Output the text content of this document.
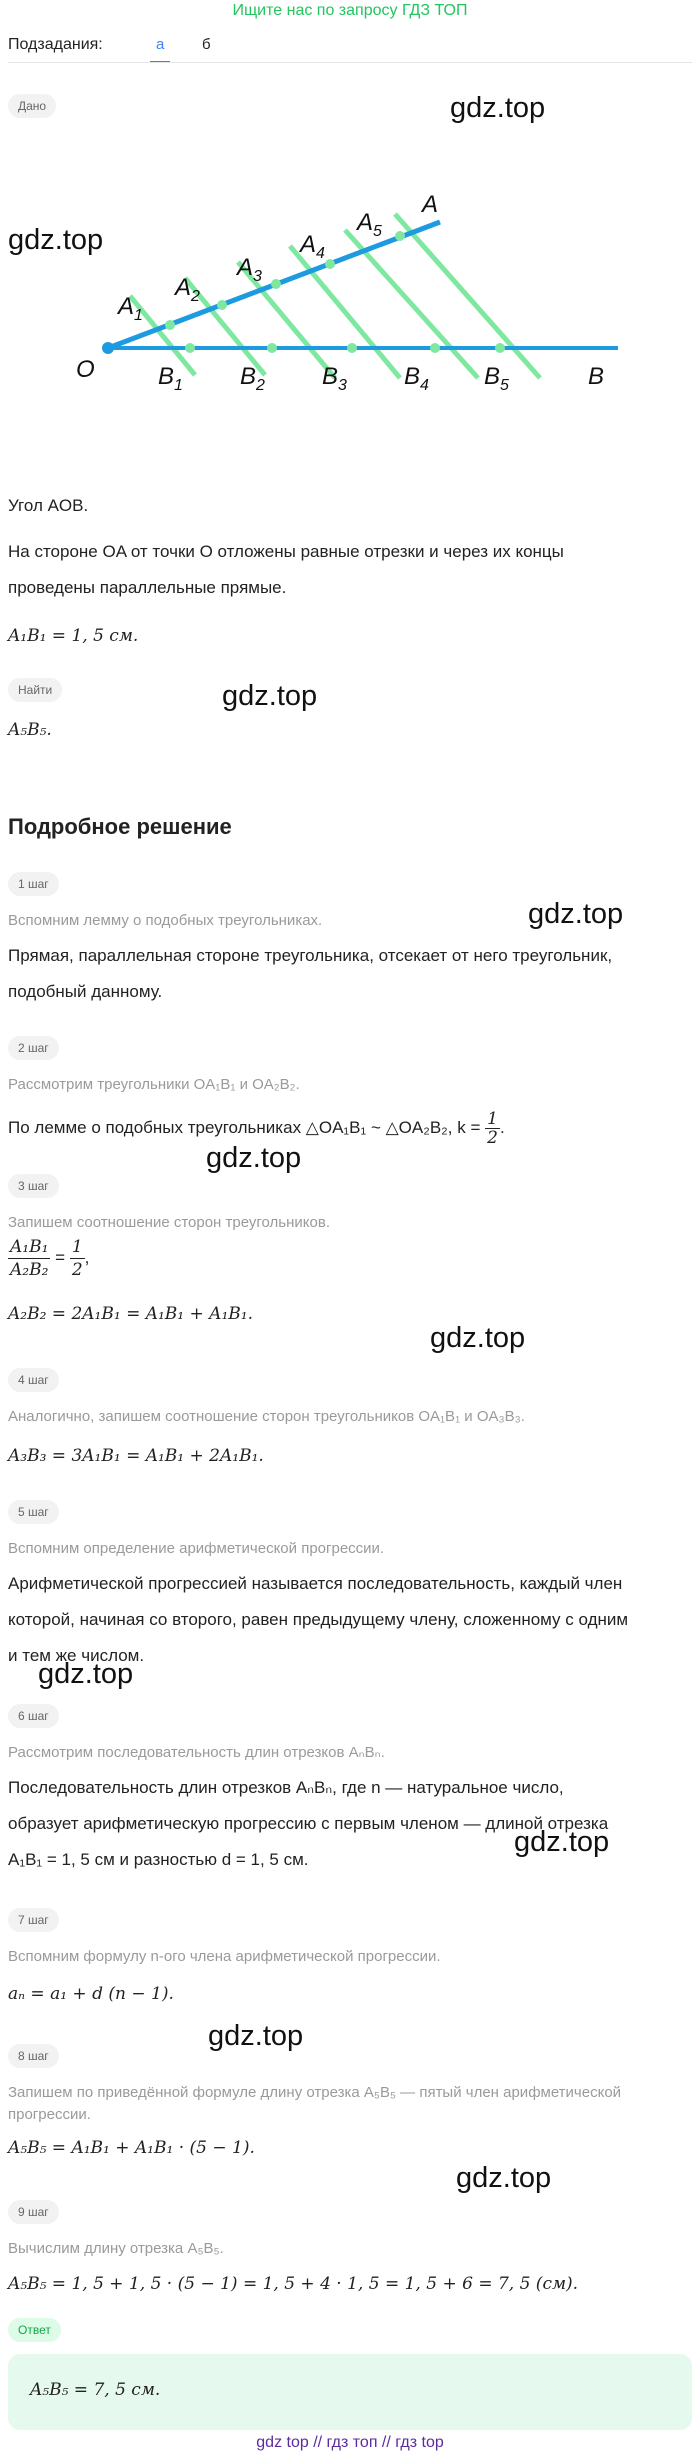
Ищите нас по запросу ГДЗ ТОП
Подзадания:	а	б
Дано
O	$B_1$ $B_2$ $B_3$ $B_4$ $B_5$	B
$A_1$
$A_2$
$A_3$
$A_4$
$A_5$
A
gdz.top
gdz.top
gdz.top
gdz.top
gdz.top
gdz.top
gdz.top
gdz.top
gdz.top
gdz.top
Угол AOB.
На стороне OA от точки O отложены равные отрезки и через их концы
проведены параллельные прямые.
A₁B₁ = 1, 5 см.
Найти
A₅B₅.
Подробное решение
1 шаг
Вспомним лемму о подобных треугольниках.
Прямая, параллельная стороне треугольника, отсекает от него треугольник,
подобный данному.
2 шаг
Рассмотрим треугольники OA₁B₁ и OA₂B₂.
По лемме о подобных треугольниках △OA₁B₁ ~ △OA₂B₂, $k = \frac{1}{2}$ .
3 шаг
Запишем соотношение сторон треугольников.
$\frac{\text{A₁B₁}}{\text{A₂B₂}} = \frac{1}{2}$ ,
A₂B₂ = 2A₁B₁ = A₁B₁ + A₁B₁.
4 шаг
Аналогично, запишем соотношение сторон треугольников OA₁B₁ и OA₃B₃.
A₃B₃ = 3A₁B₁ = A₁B₁ + 2A₁B₁.
5 шаг
Вспомним определение арифметической прогрессии.
Арифметической прогрессией называется последовательность, каждый член
которой, начиная со второго, равен предыдущему члену, сложенному с одним
и тем же числом.
6 шаг
Рассмотрим последовательность длин отрезков AₙBₙ.
Последовательность длин отрезков AₙBₙ, где n — натуральное число,
образует арифметическую прогрессию с первым членом — длиной отрезка
A₁B₁ = 1, 5 см и разностью d = 1, 5 см.
7 шаг
Вспомним формулу n-ого члена арифметической прогрессии.
aₙ = a₁ + d (n − 1).
8 шаг
Запишем по приведённой формуле длину отрезка A₅B₅ — пятый член арифметической
прогрессии.
A₅B₅ = A₁B₁ + A₁B₁ · (5 − 1).
9 шаг
Вычислим длину отрезка A₅B₅.
A₅B₅ = 1, 5 + 1, 5 · (5 − 1) = 1, 5 + 4 · 1, 5 = 1, 5 + 6 = 7, 5 (см).
Ответ
A₅B₅ = 7, 5 см.
gdz top // гдз топ // гдз top
